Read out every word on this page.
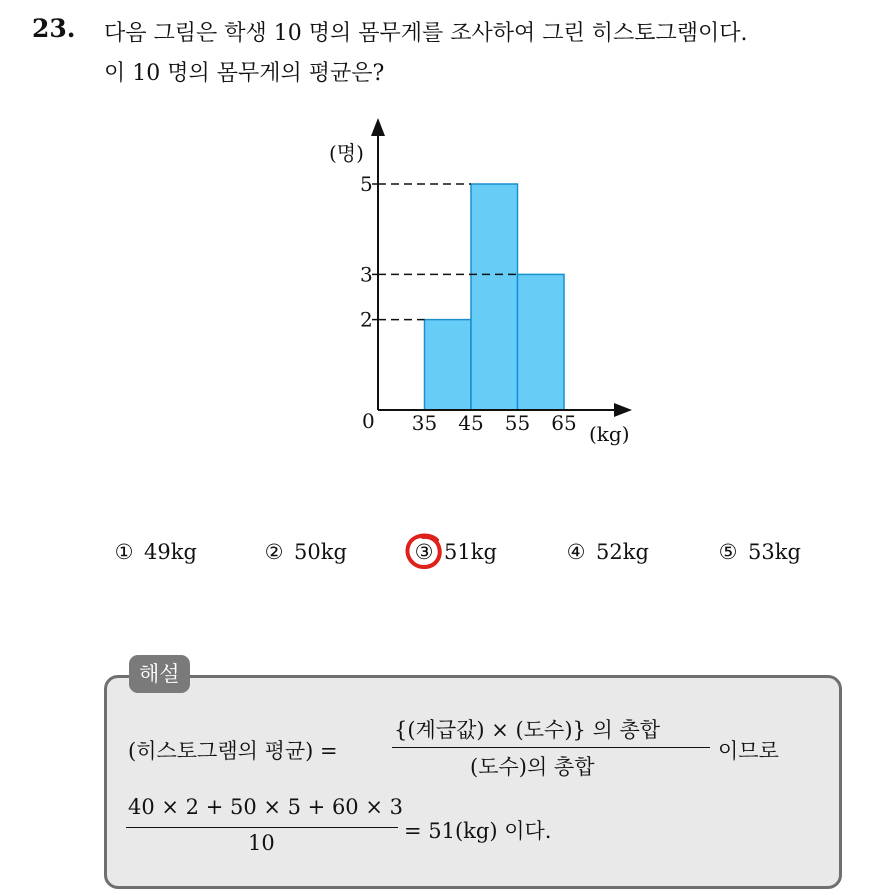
23. 다음 그림은 학생 10 명의 몸무게를 조사하여 그린 히스토그램이다.
이 10 명의 몸무게의 평균은?
(명)
(kg)
0
2
3
5
35 45 55 65
① 49kg	② 50kg	③ 51kg	④ 52kg	⑤ 53kg
해설
(히스토그램의 평균) =
{(계급값) × (도수)} 의 총합
(도수)의 총합
이므로
40 × 2 + 50 × 5 + 60 × 3
10	= 51(kg) 이다.
